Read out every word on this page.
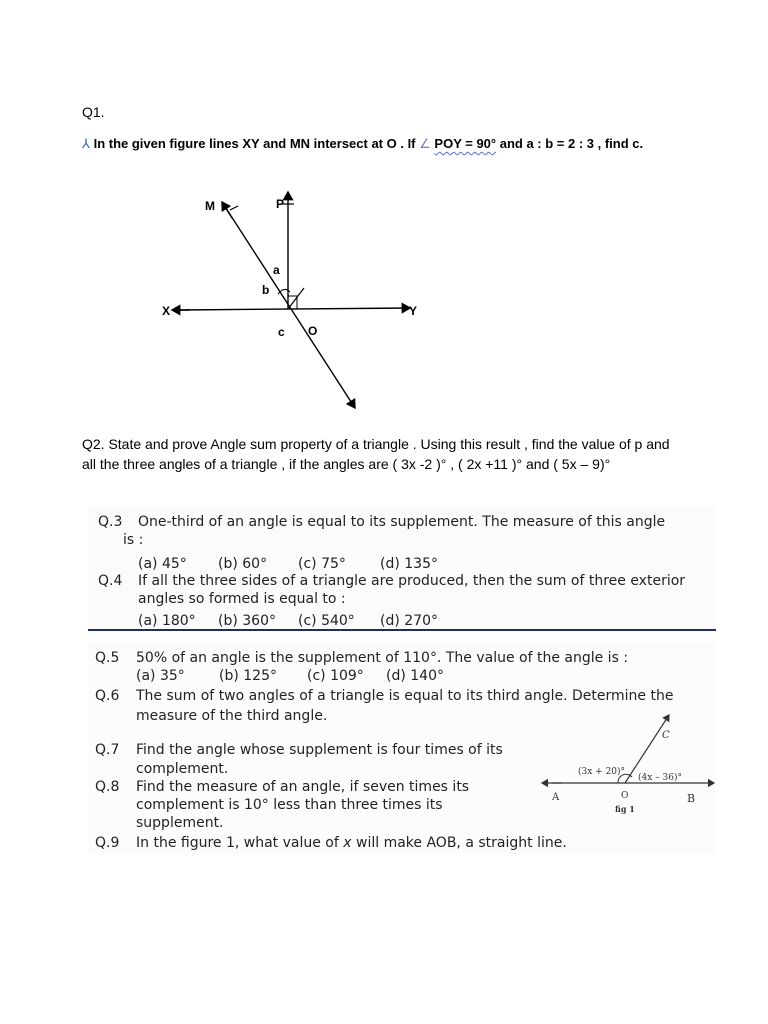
Q1.
⅄ In the given figure lines XY and MN intersect at O . If ∠ POY = 90° and a : b = 2 : 3 , find c.
M	P
a
b
X	Y
c O
Q2. State and prove Angle sum property of a triangle . Using this result , find the value of p and all the three angles of a triangle , if the angles are ( 3x -2 )° , ( 2x +11 )° and ( 5x – 9)°
Q.3 One-third of an angle is equal to its supplement. The measure of this angle
is :
(a) 45° (b) 60° (c) 75° (d) 135°
Q.4 If all the three sides of a triangle are produced, then the sum of three exterior
angles so formed is equal to :
(a) 180° (b) 360° (c) 540° (d) 270°
Q.5 50% of an angle is the supplement of 110°. The value of the angle is :
(a) 35° (b) 125° (c) 109° (d) 140°
Q.6 The sum of two angles of a triangle is equal to its third angle. Determine the
measure of the third angle.
Q.7 Find the angle whose supplement is four times of its
complement.
Q.8 Find the measure of an angle, if seven times its
complement is 10° less than three times its
supplement.
Q.9 In the figure 1, what value of x will make AOB, a straight line.
C
(3x + 20)°
(4x – 36)°
A	O	B
fig 1
